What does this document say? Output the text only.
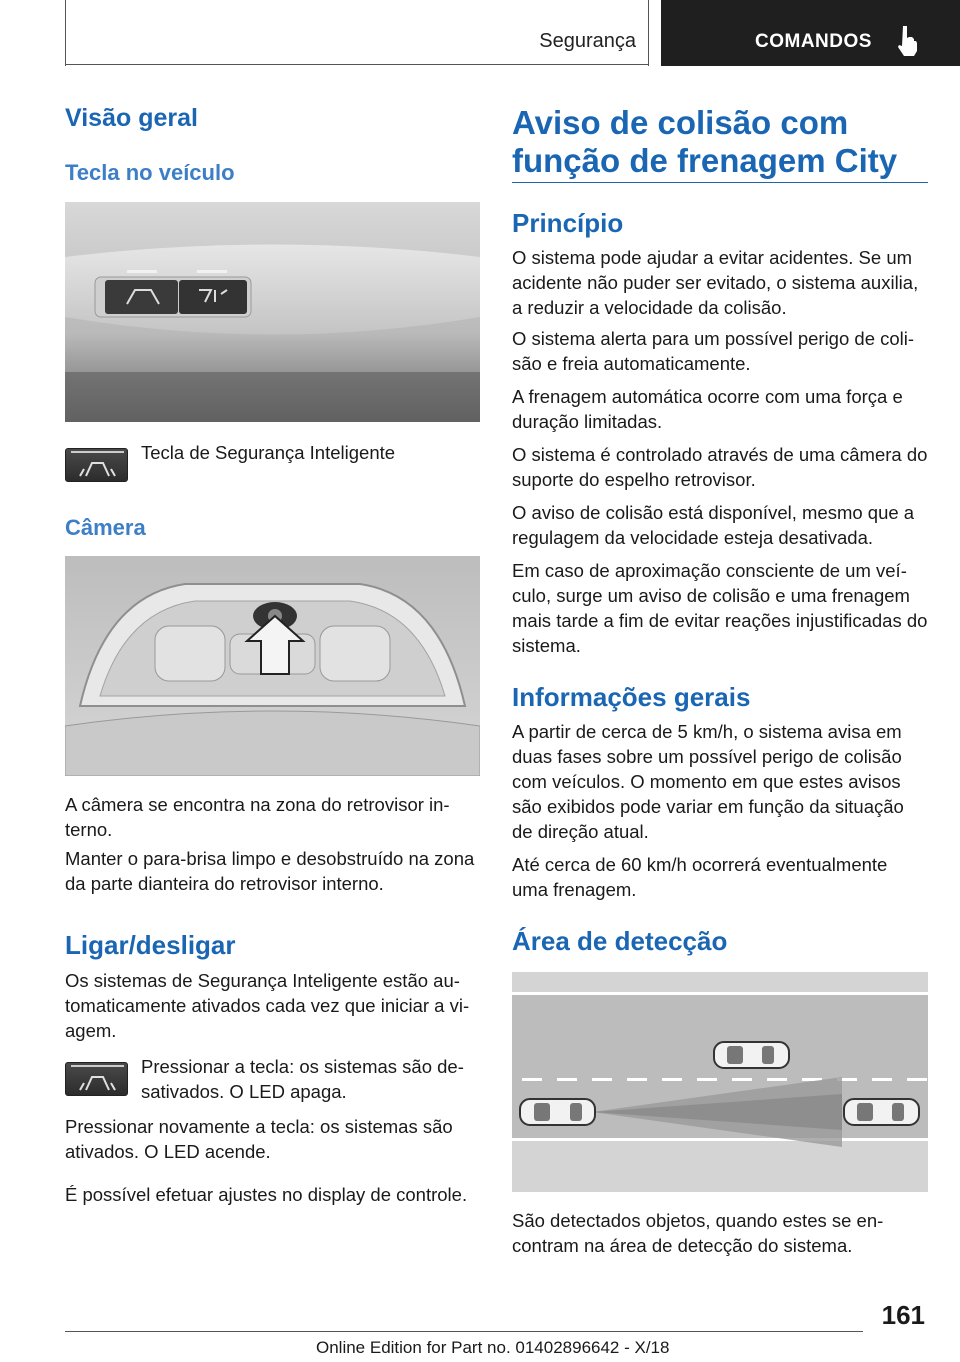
Segurança	COMANDOS
Visão geral
Tecla no veículo

Tecla de Segurança Inteligente

Câmera

A câmera se encontra na zona do retrovisor in‐terno.

Manter o para-brisa limpo e desobstruído na zona da parte dianteira do retrovisor interno.

Ligar/desligar

Os sistemas de Segurança Inteligente estão au‐tomaticamente ativados cada vez que iniciar a vi‐agem.

Pressionar a tecla: os sistemas são de‐sativados. O LED apaga.

Pressionar novamente a tecla: os sistemas são ativados. O LED acende.

É possível efetuar ajustes no display de controle.

Aviso de colisão com função de frenagem City
Princípio

O sistema pode ajudar a evitar acidentes. Se um acidente não puder ser evitado, o sistema auxilia, a reduzir a velocidade da colisão.

O sistema alerta para um possível perigo de coli‐são e freia automaticamente.

A frenagem automática ocorre com uma força e duração limitadas.

O sistema é controlado através de uma câmera do suporte do espelho retrovisor.

O aviso de colisão está disponível, mesmo que a regulagem da velocidade esteja desativada.

Em caso de aproximação consciente de um veí‐culo, surge um aviso de colisão e uma frenagem mais tarde a fim de evitar reações injustificadas do sistema.

Informações gerais

A partir de cerca de 5 km/h, o sistema avisa em duas fases sobre um possível perigo de colisão com veículos. O momento em que estes avisos são exibidos pode variar em função da situação de direção atual.

Até cerca de 60 km/h ocorrerá eventualmente uma frenagem.

Área de detecção

São detectados objetos, quando estes se en‐contram na área de detecção do sistema.

161
Online Edition for Part no. 01402896642 - X/18
